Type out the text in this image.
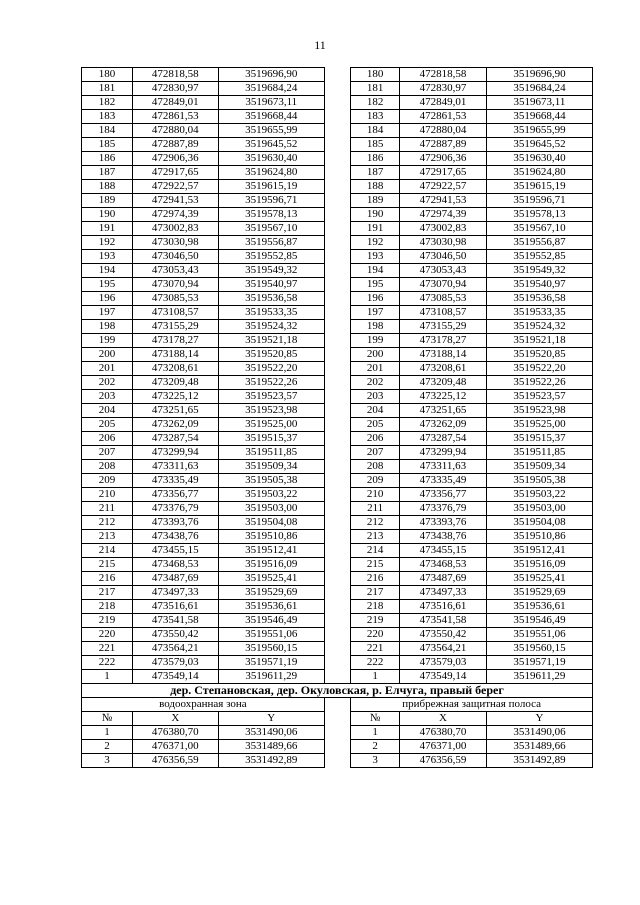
11
180	472818,58	3519696,90		180	472818,58	3519696,90
181	472830,97	3519684,24		181	472830,97	3519684,24
182	472849,01	3519673,11		182	472849,01	3519673,11
183	472861,53	3519668,44		183	472861,53	3519668,44
184	472880,04	3519655,99		184	472880,04	3519655,99
185	472887,89	3519645,52		185	472887,89	3519645,52
186	472906,36	3519630,40		186	472906,36	3519630,40
187	472917,65	3519624,80		187	472917,65	3519624,80
188	472922,57	3519615,19		188	472922,57	3519615,19
189	472941,53	3519596,71		189	472941,53	3519596,71
190	472974,39	3519578,13		190	472974,39	3519578,13
191	473002,83	3519567,10		191	473002,83	3519567,10
192	473030,98	3519556,87		192	473030,98	3519556,87
193	473046,50	3519552,85		193	473046,50	3519552,85
194	473053,43	3519549,32		194	473053,43	3519549,32
195	473070,94	3519540,97		195	473070,94	3519540,97
196	473085,53	3519536,58		196	473085,53	3519536,58
197	473108,57	3519533,35		197	473108,57	3519533,35
198	473155,29	3519524,32		198	473155,29	3519524,32
199	473178,27	3519521,18		199	473178,27	3519521,18
200	473188,14	3519520,85		200	473188,14	3519520,85
201	473208,61	3519522,20		201	473208,61	3519522,20
202	473209,48	3519522,26		202	473209,48	3519522,26
203	473225,12	3519523,57		203	473225,12	3519523,57
204	473251,65	3519523,98		204	473251,65	3519523,98
205	473262,09	3519525,00		205	473262,09	3519525,00
206	473287,54	3519515,37		206	473287,54	3519515,37
207	473299,94	3519511,85		207	473299,94	3519511,85
208	473311,63	3519509,34		208	473311,63	3519509,34
209	473335,49	3519505,38		209	473335,49	3519505,38
210	473356,77	3519503,22		210	473356,77	3519503,22
211	473376,79	3519503,00		211	473376,79	3519503,00
212	473393,76	3519504,08		212	473393,76	3519504,08
213	473438,76	3519510,86		213	473438,76	3519510,86
214	473455,15	3519512,41		214	473455,15	3519512,41
215	473468,53	3519516,09		215	473468,53	3519516,09
216	473487,69	3519525,41		216	473487,69	3519525,41
217	473497,33	3519529,69		217	473497,33	3519529,69
218	473516,61	3519536,61		218	473516,61	3519536,61
219	473541,58	3519546,49		219	473541,58	3519546,49
220	473550,42	3519551,06		220	473550,42	3519551,06
221	473564,21	3519560,15		221	473564,21	3519560,15
222	473579,03	3519571,19		222	473579,03	3519571,19
1	473549,14	3519611,29		1	473549,14	3519611,29
дер. Степановская, дер. Окуловская, р. Елчуга, правый берег						
водоохранная зона				прибрежная защитная полоса		
№	X	Y		№	X	Y
1	476380,70	3531490,06		1	476380,70	3531490,06
2	476371,00	3531489,66		2	476371,00	3531489,66
3	476356,59	3531492,89		3	476356,59	3531492,89
